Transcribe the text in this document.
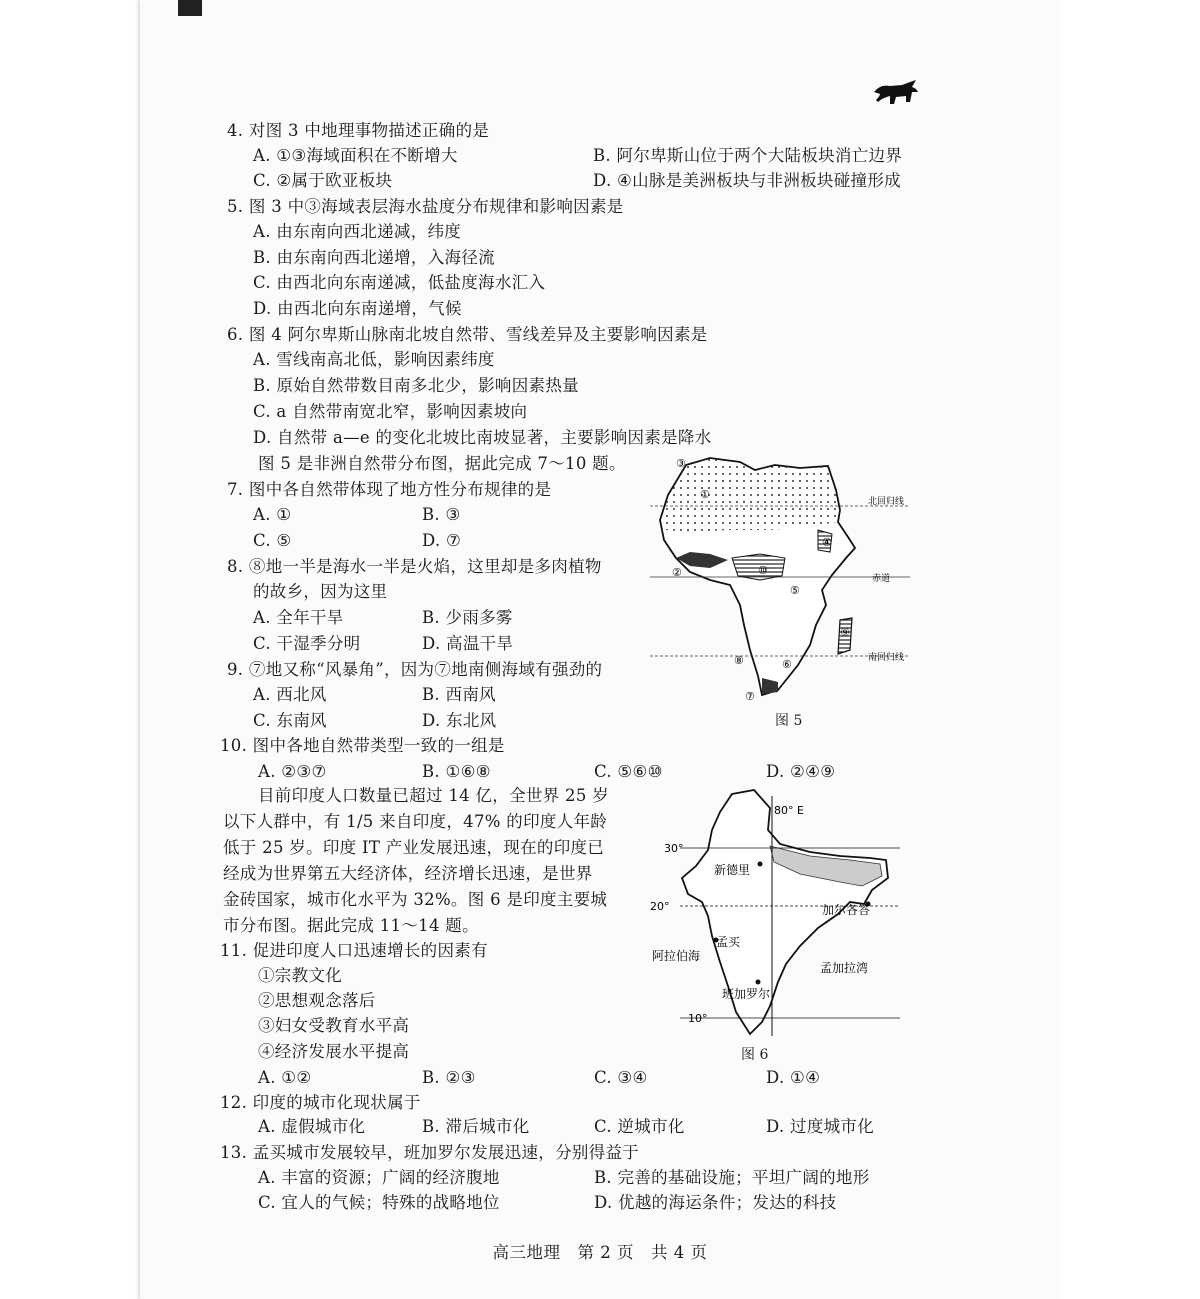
4. 对图 3 中地理事物描述正确的是
A. ①③海域面积在不断增大	B. 阿尔卑斯山位于两个大陆板块消亡边界
C. ②属于欧亚板块	D. ④山脉是美洲板块与非洲板块碰撞形成
5. 图 3 中③海域表层海水盐度分布规律和影响因素是
A. 由东南向西北递减，纬度
B. 由东南向西北递增，入海径流
C. 由西北向东南递减，低盐度海水汇入
D. 由西北向东南递增，气候
6. 图 4 阿尔卑斯山脉南北坡自然带、雪线差异及主要影响因素是
A. 雪线南高北低，影响因素纬度
B. 原始自然带数目南多北少，影响因素热量
C. a 自然带南宽北窄，影响因素坡向
D. 自然带 a—e 的变化北坡比南坡显著，主要影响因素是降水
图 5 是非洲自然带分布图，据此完成 7～10 题。
7. 图中各自然带体现了地方性分布规律的是
A. ①	B. ③
C. ⑤	D. ⑦
8. ⑧地一半是海水一半是火焰，这里却是多肉植物
的故乡，因为这里
A. 全年干旱	B. 少雨多雾
C. 干湿季分明	D. 高温干旱
9. ⑦地又称“风暴角”，因为⑦地南侧海域有强劲的
A. 西北风	B. 西南风
C. 东南风	D. 东北风
10. 图中各地自然带类型一致的一组是
A. ②③⑦	B. ①⑥⑧	C. ⑤⑥⑩	D. ②④⑨
目前印度人口数量已超过 14 亿，全世界 25 岁
以下人群中，有 1/5 来自印度，47% 的印度人年龄
低于 25 岁。印度 IT 产业发展迅速，现在的印度已
经成为世界第五大经济体，经济增长迅速，是世界
金砖国家，城市化水平为 32%。图 6 是印度主要城
市分布图。据此完成 11～14 题。
11. 促进印度人口迅速增长的因素有
①宗教文化
②思想观念落后
③妇女受教育水平高
④经济发展水平提高
A. ①②	B. ②③	C. ③④	D. ①④
12. 印度的城市化现状属于
A. 虚假城市化	B. 滞后城市化	C. 逆城市化	D. 过度城市化
13. 孟买城市发展较早，班加罗尔发展迅速，分别得益于
A. 丰富的资源；广阔的经济腹地	B. 完善的基础设施；平坦广阔的地形
C. 宜人的气候；特殊的战略地位	D. 优越的海运条件；发达的科技
北回归线
赤道
南回归线
③
①
②
④
⑩
⑤
⑨
⑧	⑥
⑦
图 5
80° E
30°
20°
10°
新德里
加尔各答
孟买
阿拉伯海
孟加拉湾
班加罗尔
图 6
高三地理　第 2 页　共 4 页
